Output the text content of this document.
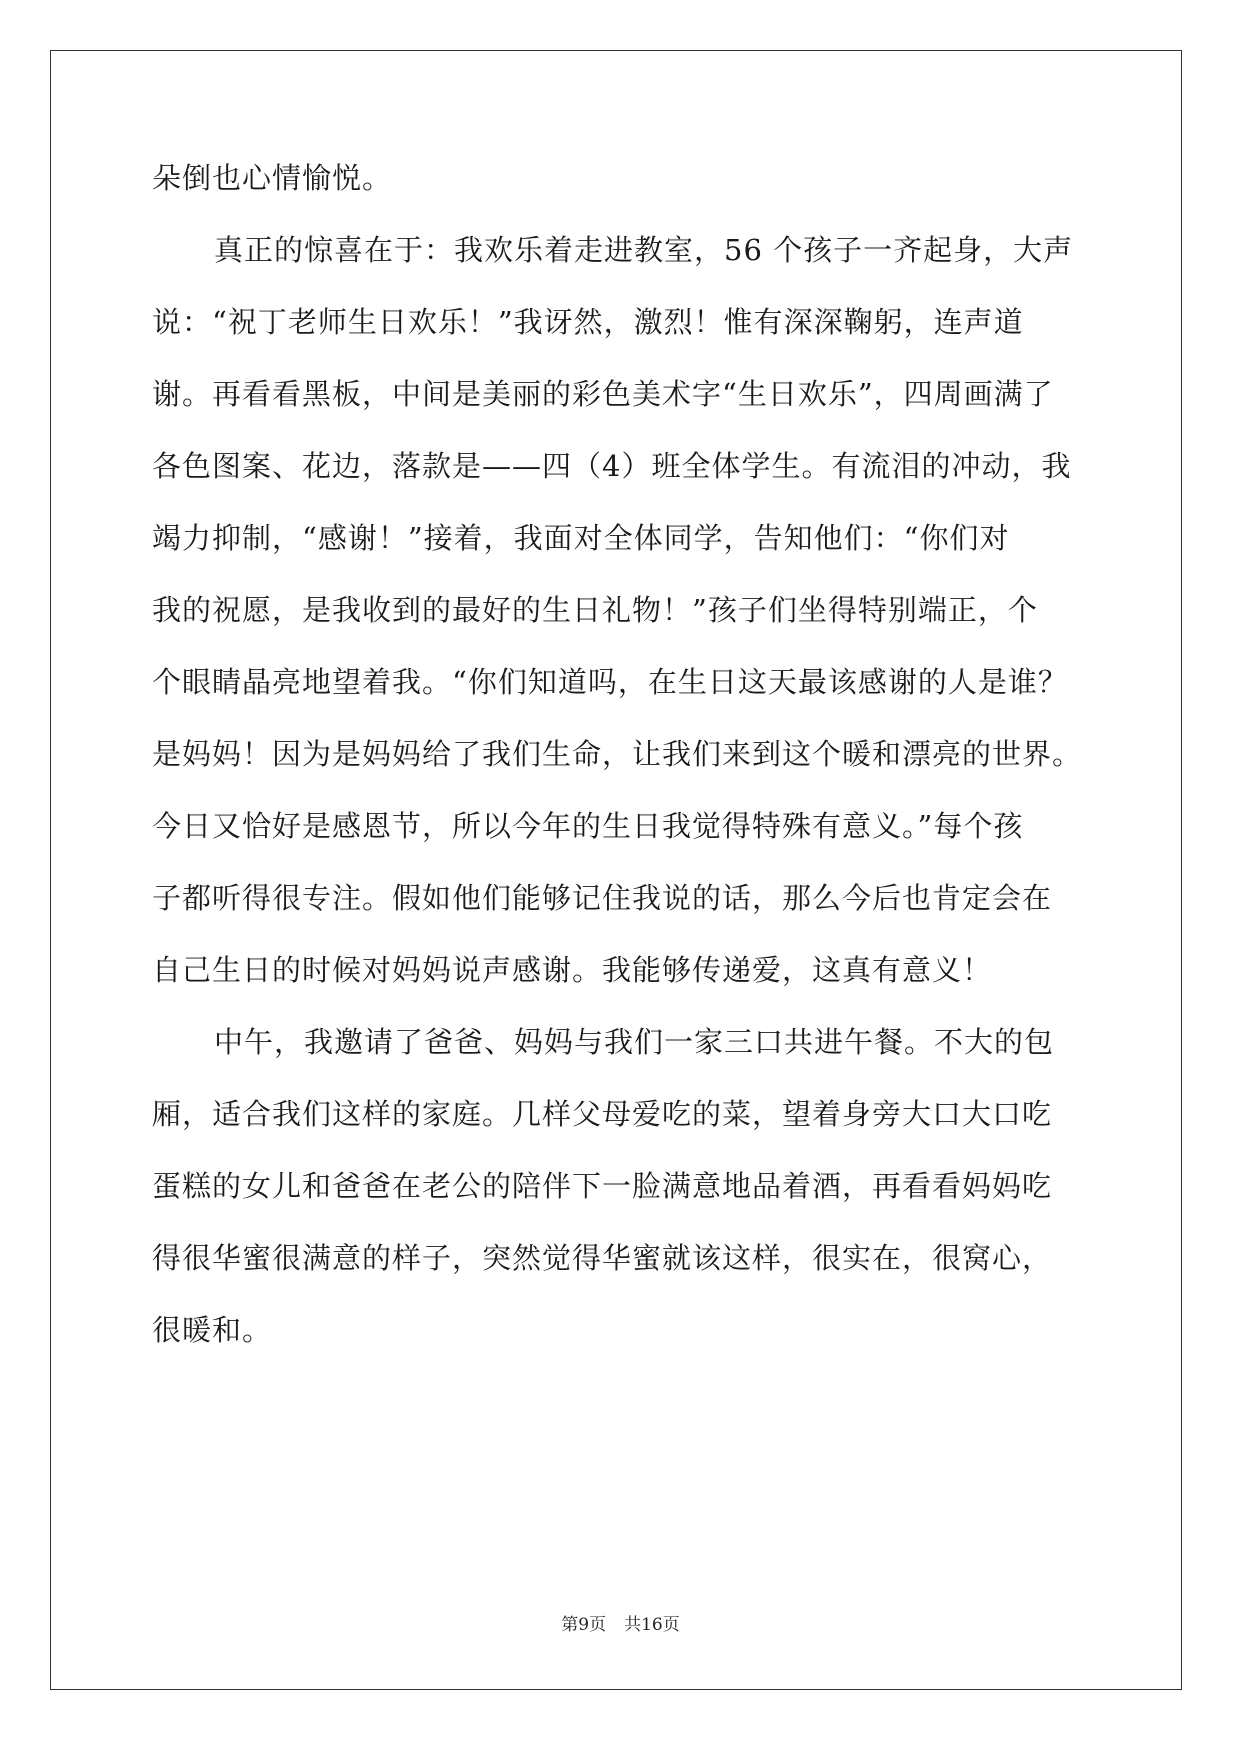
朵倒也心情愉悦。
真正的惊喜在于：我欢乐着走进教室，56 个孩子一齐起身，大声
说：“祝丁老师生日欢乐！”我讶然，激烈！惟有深深鞠躬，连声道
谢。再看看黑板，中间是美丽的彩色美术字“生日欢乐”，四周画满了
各色图案、花边，落款是——四（4）班全体学生。有流泪的冲动，我
竭力抑制，“感谢！”接着，我面对全体同学，告知他们：“你们对
我的祝愿，是我收到的最好的生日礼物！”孩子们坐得特别端正，个
个眼睛晶亮地望着我。“你们知道吗，在生日这天最该感谢的人是谁？
是妈妈！因为是妈妈给了我们生命，让我们来到这个暖和漂亮的世界。
今日又恰好是感恩节，所以今年的生日我觉得特殊有意义。”每个孩
子都听得很专注。假如他们能够记住我说的话，那么今后也肯定会在
自己生日的时候对妈妈说声感谢。我能够传递爱，这真有意义！
中午，我邀请了爸爸、妈妈与我们一家三口共进午餐。不大的包
厢，适合我们这样的家庭。几样父母爱吃的菜，望着身旁大口大口吃
蛋糕的女儿和爸爸在老公的陪伴下一脸满意地品着酒，再看看妈妈吃
得很华蜜很满意的样子，突然觉得华蜜就该这样，很实在，很窝心，
很暖和。
第9页 共16页
